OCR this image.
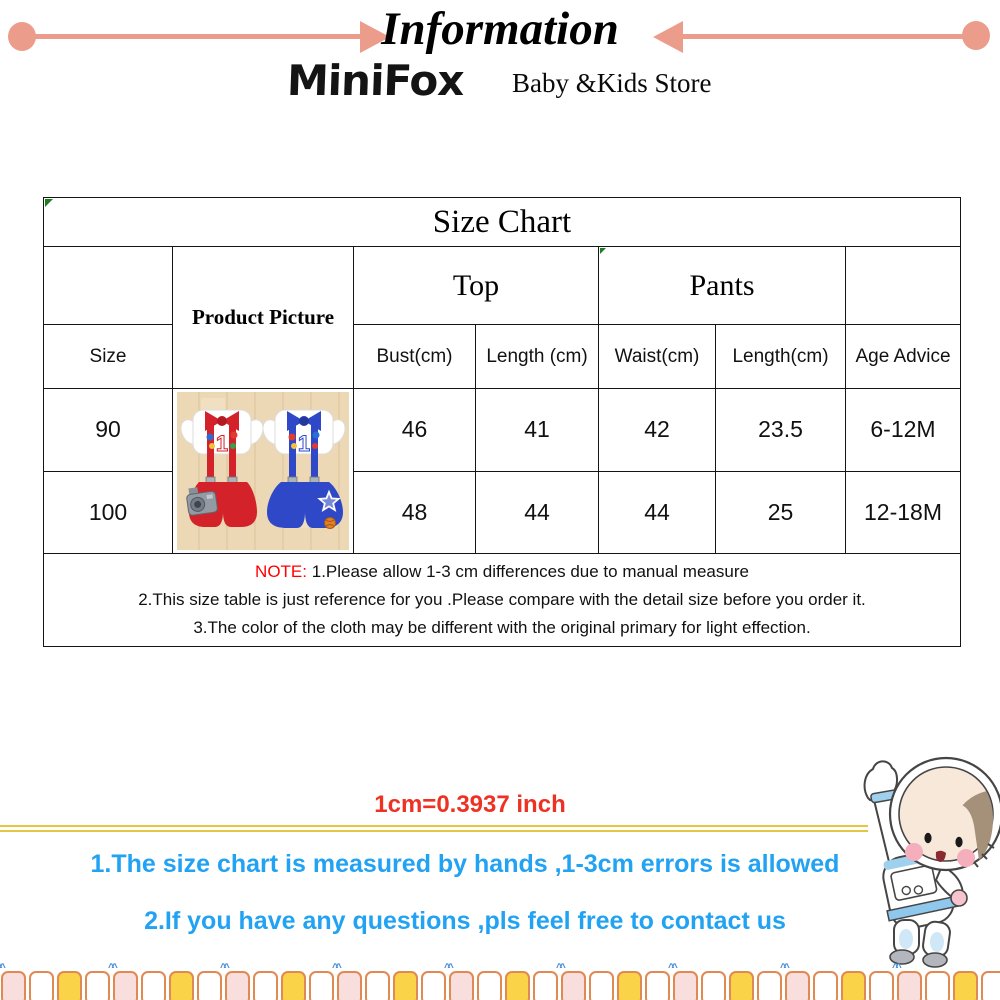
Information
MiniFox Baby &Kids Store
Size Chart						
	Product Picture	Top		Pants		
Size		Bust(cm)	Length (cm)	Waist(cm)	Length(cm)	Age Advice
90	1 1	46	41	42	23.5	6-12M
100		48	44	44	25	12-18M

NOTE: 1.Please allow 1-3 cm differences due to manual measure
2.This size table is just reference for you .Please compare with the detail size before you order it.
3.The color of the cloth may be different with the original primary for light effection.						
1cm=0.3937 inch
1.The size chart is measured by hands ,1-3cm errors is allowed
2.If you have any questions ,pls feel free to contact us
^^
^^
^^
^^
^^
^^
^^
^^
^^
